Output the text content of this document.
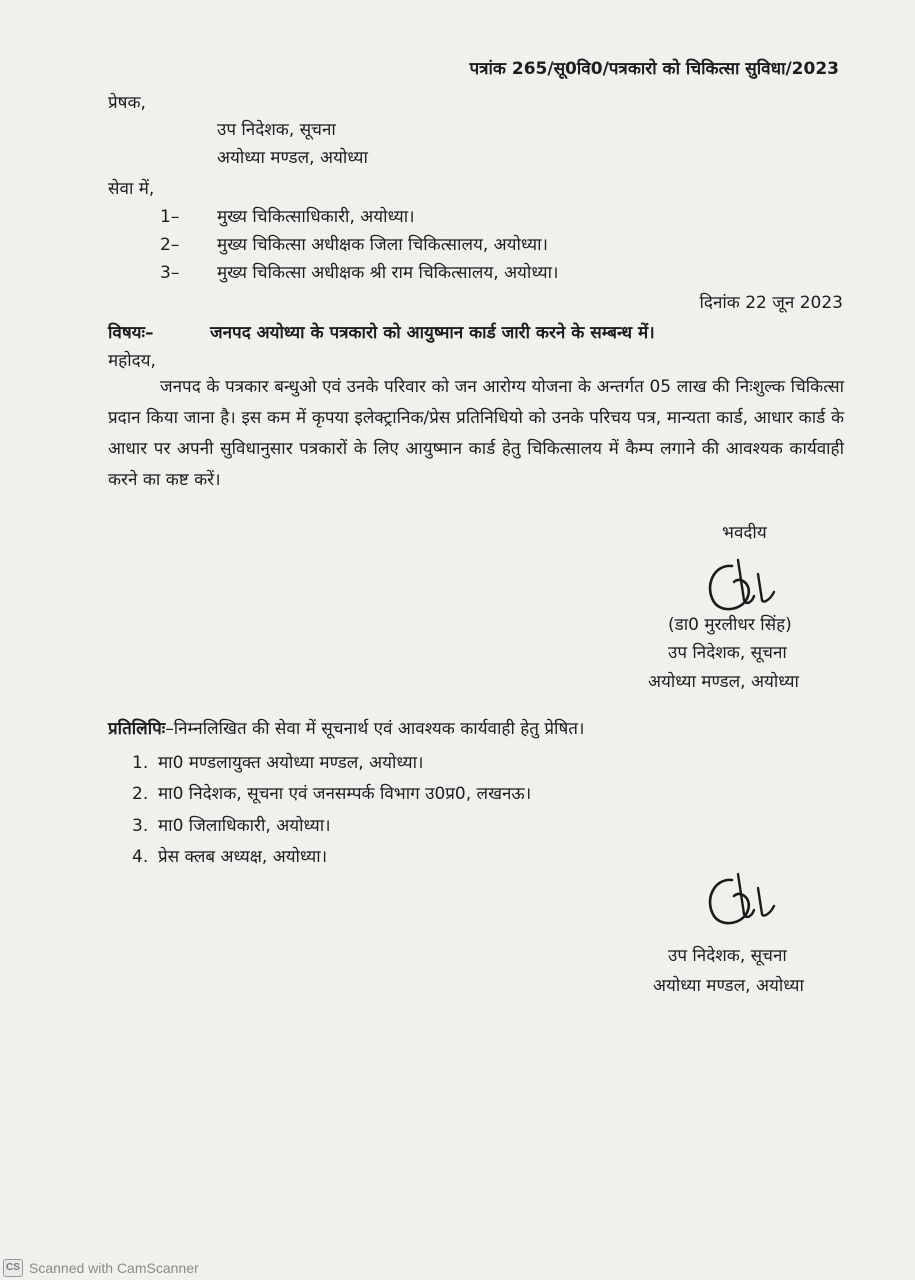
पत्रांक 265/सू0वि0/पत्रकारो को चिकित्सा सुविधा/2023
प्रेषक,
उप निदेशक, सूचना
अयोध्या मण्डल, अयोध्या
सेवा में,
1– मुख्य चिकित्साधिकारी, अयोध्या।
2– मुख्य चिकित्सा अधीक्षक जिला चिकित्सालय, अयोध्या।
3– मुख्य चिकित्सा अधीक्षक श्री राम चिकित्सालय, अयोध्या।
दिनांक 22 जून 2023
विषयः–	जनपद अयोध्या के पत्रकारो को आयुष्मान कार्ड जारी करने के सम्बन्ध में।
महोदय,
जनपद के पत्रकार बन्धुओ एवं उनके परिवार को जन आरोग्य योजना के अन्तर्गत 05 लाख की निःशुल्क चिकित्सा प्रदान किया जाना है। इस कम में कृपया इलेक्ट्रानिक/प्रेस प्रतिनिधियो को उनके परिचय पत्र, मान्यता कार्ड, आधार कार्ड के आधार पर अपनी सुविधानुसार पत्रकारों के लिए आयुष्मान कार्ड हेतु चिकित्सालय में कैम्प लगाने की आवश्यक कार्यवाही करने का कष्ट करें।
भवदीय
(डा0 मुरलीधर सिंह)
उप निदेशक, सूचना
अयोध्या मण्डल, अयोध्या
प्रतिलिपिः–निम्नलिखित की सेवा में सूचनार्थ एवं आवश्यक कार्यवाही हेतु प्रेषित।
1. मा0 मण्डलायुक्त अयोध्या मण्डल, अयोध्या।
2. मा0 निदेशक, सूचना एवं जनसम्पर्क विभाग उ0प्र0, लखनऊ।
3. मा0 जिलाधिकारी, अयोध्या।
4. प्रेस क्लब अध्यक्ष, अयोध्या।
उप निदेशक, सूचना
अयोध्या मण्डल, अयोध्या
CS Scanned with CamScanner
